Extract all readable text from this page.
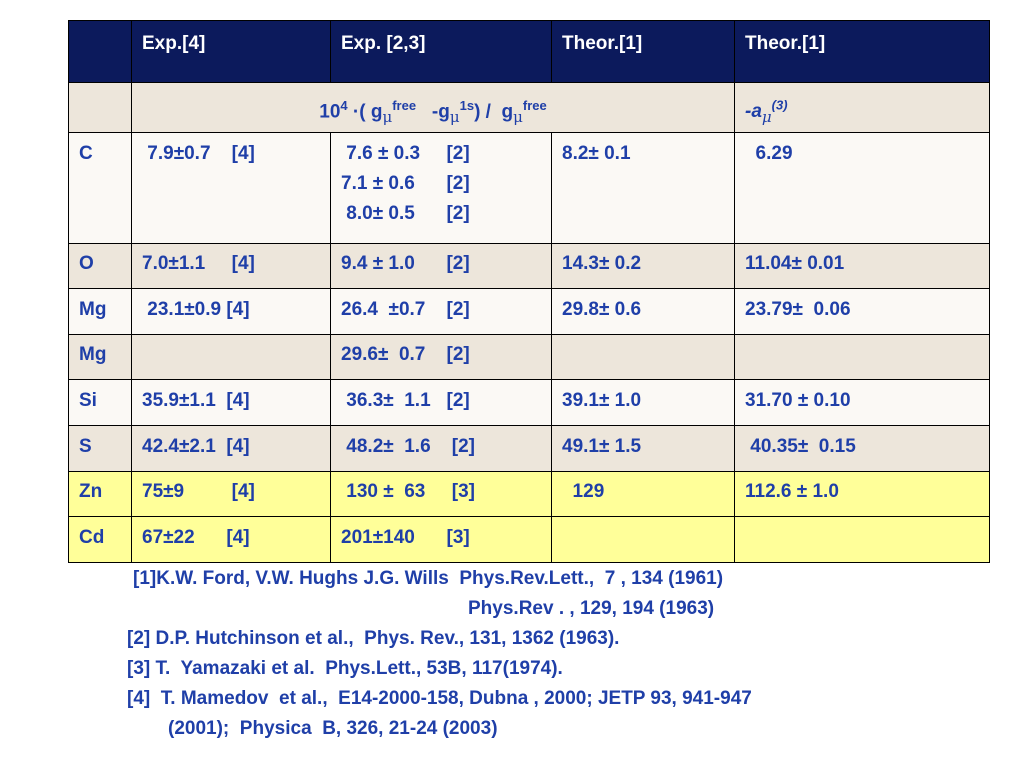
	Exp.[4]	Exp. [2,3]	Theor.[1]	Theor.[1]
	$10^4$ ·( $g_\mu^{free}$   $-g_\mu^{1s}) / g_\mu^{free}$			$-a_\mu^{(3)}$

C	7.9±0.7    [4]	7.6 ± 0.3     [2]
7.1 ± 0.6      [2]
8.0± 0.5      [2]	8.2± 0.1	6.29

O	7.0±1.1     [4]	9.4 ± 1.0      [2]	14.3± 0.2	11.04± 0.01

Mg	23.1±0.9 [4]	26.4  ±0.7    [2]	29.8± 0.6	23.79±  0.06

Mg		29.6±  0.7    [2]		

Si	35.9±1.1  [4]	36.3±  1.1   [2]	39.1± 1.0	31.70 ± 0.10

S	42.4±2.1  [4]	48.2±  1.6    [2]	49.1± 1.5	40.35±  0.15

Zn	75±9         [4]	130 ±  63     [3]	129	112.6 ± 1.0

Cd	67±22      [4]	201±140      [3]		

[1]K.W. Ford, V.W. Hughs J.G. Wills  Phys.Rev.Lett.,  7 , 134 (1961)
Phys.Rev . , 129, 194 (1963)
[2] D.P. Hutchinson et al.,  Phys. Rev., 131, 1362 (1963).
[3] T.  Yamazaki et al.  Phys.Lett., 53B, 117(1974).
[4]  T. Mamedov  et al.,  E14-2000-158, Dubna , 2000; JETP 93, 941-947
(2001);  Physica  B, 326, 21-24 (2003)
